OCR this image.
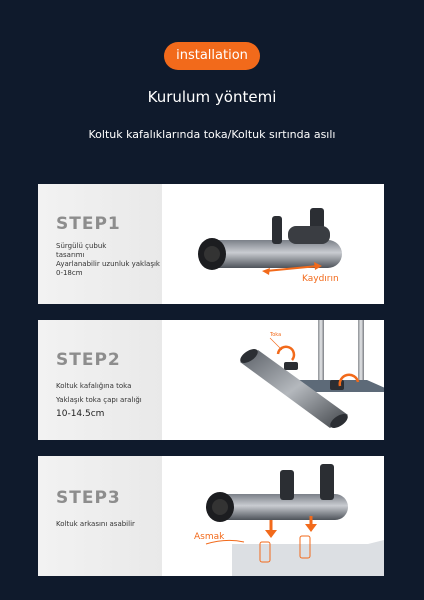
installation
Kurulum yöntemi
Koltuk kafalıklarında toka/Koltuk sırtında asılı
STEP1
Sürgülü çubuk
tasarımı
Ayarlanabilir uzunluk yaklaşık
0-18cm
Kaydırın
STEP2
Koltuk kafalığına toka
Yaklaşık toka çapı aralığı
10-14.5cm
Toka
STEP3
Koltuk arkasını asabilir
Asmak
